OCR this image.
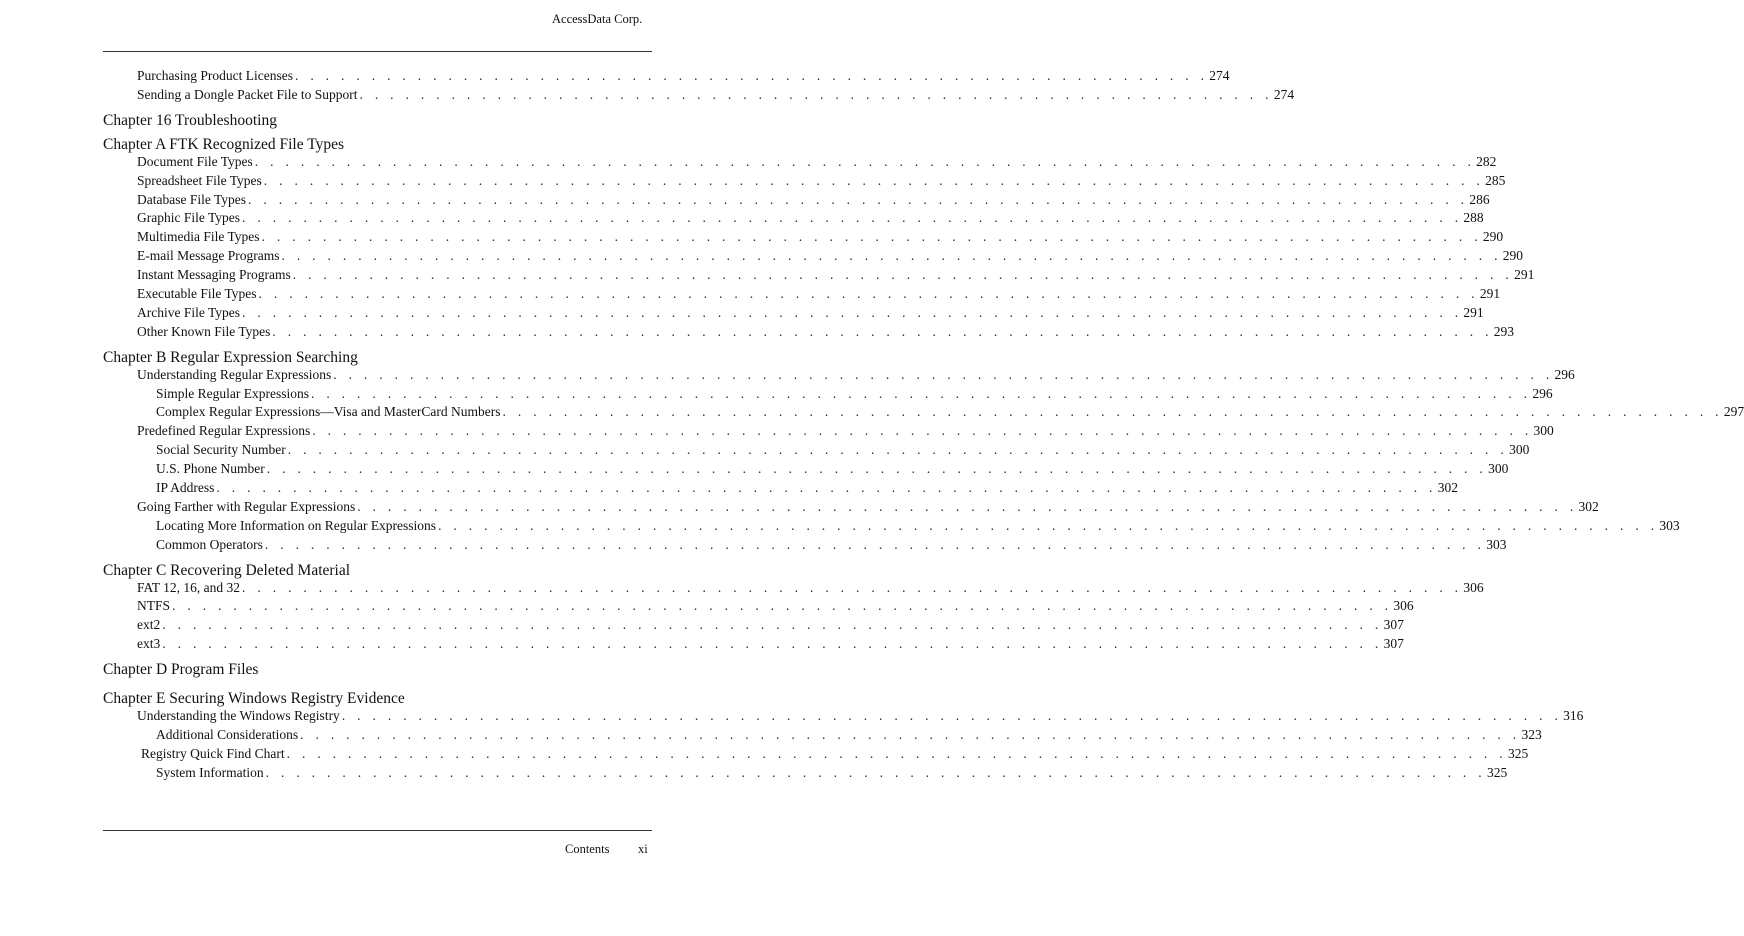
AccessData Corp.
Purchasing Product Licenses . . . . . . . . . . . . . . . . . . . . . . . . . . . . . . . . . . . . . . . . . . . . . . . . . . . . . . . . . . . . 274
Sending a Dongle Packet File to Support . . . . . . . . . . . . . . . . . . . . . . . . . . . . . . . . . . . . . . . . . . . . . . . . . . . . . . . . . . . . 274
Chapter 16 Troubleshooting
Chapter A FTK Recognized File Types
Document File Types . . . . . . . . . . . . . . . . . . . . . . . . . . . . . . . . . . . . . . . . . . . . . . . . . . . . . . . . . . . . . . . . . . . . . . . . . . . . . . . . 282
Spreadsheet File Types . . . . . . . . . . . . . . . . . . . . . . . . . . . . . . . . . . . . . . . . . . . . . . . . . . . . . . . . . . . . . . . . . . . . . . . . . . . . . . . . 285
Database File Types . . . . . . . . . . . . . . . . . . . . . . . . . . . . . . . . . . . . . . . . . . . . . . . . . . . . . . . . . . . . . . . . . . . . . . . . . . . . . . . . 286
Graphic File Types . . . . . . . . . . . . . . . . . . . . . . . . . . . . . . . . . . . . . . . . . . . . . . . . . . . . . . . . . . . . . . . . . . . . . . . . . . . . . . . . 288
Multimedia File Types . . . . . . . . . . . . . . . . . . . . . . . . . . . . . . . . . . . . . . . . . . . . . . . . . . . . . . . . . . . . . . . . . . . . . . . . . . . . . . . . 290
E-mail Message Programs . . . . . . . . . . . . . . . . . . . . . . . . . . . . . . . . . . . . . . . . . . . . . . . . . . . . . . . . . . . . . . . . . . . . . . . . . . . . . . . . 290
Instant Messaging Programs . . . . . . . . . . . . . . . . . . . . . . . . . . . . . . . . . . . . . . . . . . . . . . . . . . . . . . . . . . . . . . . . . . . . . . . . . . . . . . . . 291
Executable File Types . . . . . . . . . . . . . . . . . . . . . . . . . . . . . . . . . . . . . . . . . . . . . . . . . . . . . . . . . . . . . . . . . . . . . . . . . . . . . . . . 291
Archive File Types . . . . . . . . . . . . . . . . . . . . . . . . . . . . . . . . . . . . . . . . . . . . . . . . . . . . . . . . . . . . . . . . . . . . . . . . . . . . . . . . 291
Other Known File Types . . . . . . . . . . . . . . . . . . . . . . . . . . . . . . . . . . . . . . . . . . . . . . . . . . . . . . . . . . . . . . . . . . . . . . . . . . . . . . . . 293
Chapter B Regular Expression Searching
Understanding Regular Expressions . . . . . . . . . . . . . . . . . . . . . . . . . . . . . . . . . . . . . . . . . . . . . . . . . . . . . . . . . . . . . . . . . . . . . . . . . . . . . . . . 296
Simple Regular Expressions . . . . . . . . . . . . . . . . . . . . . . . . . . . . . . . . . . . . . . . . . . . . . . . . . . . . . . . . . . . . . . . . . . . . . . . . . . . . . . . . 296
Complex Regular Expressions—Visa and MasterCard Numbers . . . . . . . . . . . . . . . . . . . . . . . . . . . . . . . . . . . . . . . . . . . . . . . . . . . . . . . . . . . . . . . . . . . . . . . . . . . . . . . . 297
Predefined Regular Expressions . . . . . . . . . . . . . . . . . . . . . . . . . . . . . . . . . . . . . . . . . . . . . . . . . . . . . . . . . . . . . . . . . . . . . . . . . . . . . . . . 300
Social Security Number . . . . . . . . . . . . . . . . . . . . . . . . . . . . . . . . . . . . . . . . . . . . . . . . . . . . . . . . . . . . . . . . . . . . . . . . . . . . . . . . 300
U.S. Phone Number . . . . . . . . . . . . . . . . . . . . . . . . . . . . . . . . . . . . . . . . . . . . . . . . . . . . . . . . . . . . . . . . . . . . . . . . . . . . . . . . 300
IP Address . . . . . . . . . . . . . . . . . . . . . . . . . . . . . . . . . . . . . . . . . . . . . . . . . . . . . . . . . . . . . . . . . . . . . . . . . . . . . . . . 302
Going Farther with Regular Expressions . . . . . . . . . . . . . . . . . . . . . . . . . . . . . . . . . . . . . . . . . . . . . . . . . . . . . . . . . . . . . . . . . . . . . . . . . . . . . . . . 302
Locating More Information on Regular Expressions . . . . . . . . . . . . . . . . . . . . . . . . . . . . . . . . . . . . . . . . . . . . . . . . . . . . . . . . . . . . . . . . . . . . . . . . . . . . . . . . 303
Common Operators . . . . . . . . . . . . . . . . . . . . . . . . . . . . . . . . . . . . . . . . . . . . . . . . . . . . . . . . . . . . . . . . . . . . . . . . . . . . . . . . 303
Chapter C Recovering Deleted Material
FAT 12, 16, and 32 . . . . . . . . . . . . . . . . . . . . . . . . . . . . . . . . . . . . . . . . . . . . . . . . . . . . . . . . . . . . . . . . . . . . . . . . . . . . . . . . 306
NTFS . . . . . . . . . . . . . . . . . . . . . . . . . . . . . . . . . . . . . . . . . . . . . . . . . . . . . . . . . . . . . . . . . . . . . . . . . . . . . . . . 306
ext2 . . . . . . . . . . . . . . . . . . . . . . . . . . . . . . . . . . . . . . . . . . . . . . . . . . . . . . . . . . . . . . . . . . . . . . . . . . . . . . . . 307
ext3 . . . . . . . . . . . . . . . . . . . . . . . . . . . . . . . . . . . . . . . . . . . . . . . . . . . . . . . . . . . . . . . . . . . . . . . . . . . . . . . . 307
Chapter D Program Files
Chapter E Securing Windows Registry Evidence
Understanding the Windows Registry . . . . . . . . . . . . . . . . . . . . . . . . . . . . . . . . . . . . . . . . . . . . . . . . . . . . . . . . . . . . . . . . . . . . . . . . . . . . . . . . 316
Additional Considerations . . . . . . . . . . . . . . . . . . . . . . . . . . . . . . . . . . . . . . . . . . . . . . . . . . . . . . . . . . . . . . . . . . . . . . . . . . . . . . . . 323
Registry Quick Find Chart . . . . . . . . . . . . . . . . . . . . . . . . . . . . . . . . . . . . . . . . . . . . . . . . . . . . . . . . . . . . . . . . . . . . . . . . . . . . . . . . 325
System Information . . . . . . . . . . . . . . . . . . . . . . . . . . . . . . . . . . . . . . . . . . . . . . . . . . . . . . . . . . . . . . . . . . . . . . . . . . . . . . . . 325
Contents xi
